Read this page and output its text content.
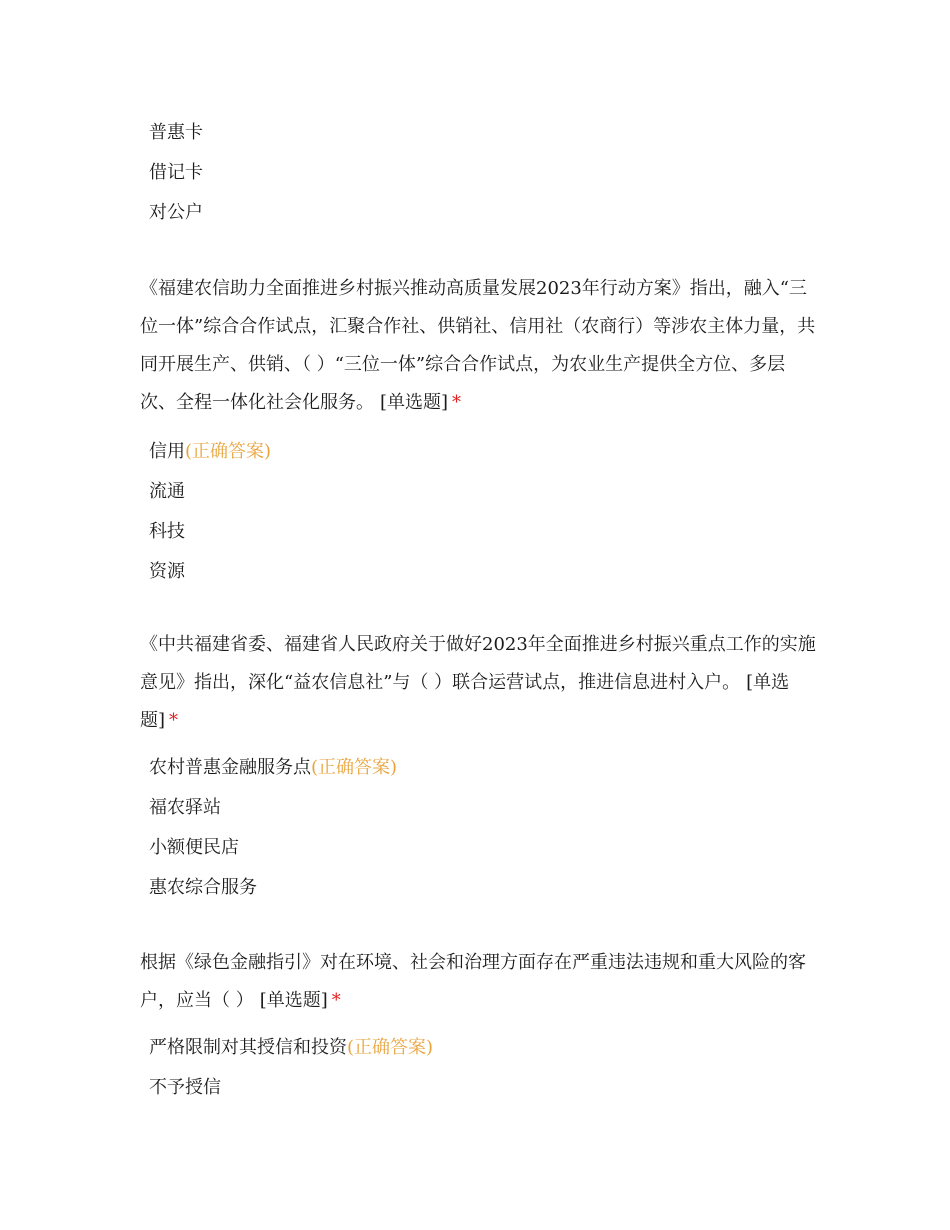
普惠卡
借记卡
对公户

《福建农信助力全面推进乡村振兴推动高质量发展2023年行动方案》指出，融入“三位一体”综合合作试点，汇聚合作社、供销社、信用社（农商行）等涉农主体力量，共同开展生产、供销、（ ）“三位一体”综合合作试点，为农业生产提供全方位、多层次、全程一体化社会化服务。 [单选题] *

信用(正确答案)
流通
科技
资源

《中共福建省委、福建省人民政府关于做好2023年全面推进乡村振兴重点工作的实施意见》指出，深化“益农信息社”与（ ）联合运营试点，推进信息进村入户。 [单选题] *

农村普惠金融服务点(正确答案)
福农驿站
小额便民店
惠农综合服务

根据《绿色金融指引》对在环境、社会和治理方面存在严重违法违规和重大风险的客户，应当（ ） [单选题] *

严格限制对其授信和投资(正确答案)
不予授信
